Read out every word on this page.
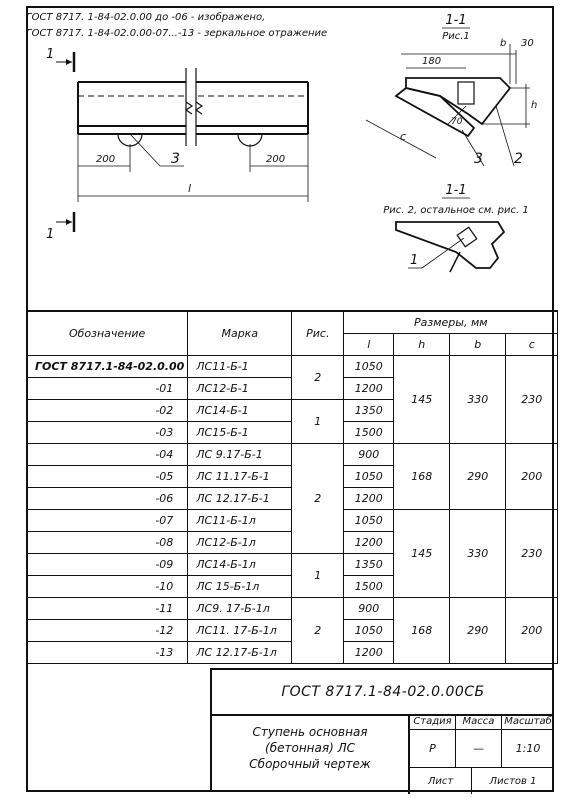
ГОСТ 8717. 1-84-02.0.00 до -06 - изображено,
ГОСТ 8717. 1-84-02.0.00-07...-13 - зеркальное отражение
1
1
200	200
l
3
1-1
Рис.1
b 30
180
h
70
c
3 2
1-1
Рис. 2, остальное см. рис. 1
1
Обозначение	Марка	Рис.	Размеры, мм			
			l	h	b	c
ГОСТ 8717.1-84-02.0.00	ЛС11-Б-1	2	1050	145	330	230
-01	ЛС12-Б-1		1200			
-02	ЛС14-Б-1	1	1350			
-03	ЛС15-Б-1		1500			
-04	ЛС 9.17-Б-1	2	900	168	290	200
-05	ЛС 11.17-Б-1		1050			
-06	ЛС 12.17-Б-1		1200			
-07	ЛС11-Б-1л		1050	145	330	230
-08	ЛС12-Б-1л		1200			
-09	ЛС14-Б-1л	1	1350			
-10	ЛС 15-Б-1л		1500			
-11	ЛС9. 17-Б-1л	2	900	168	290	200
-12	ЛС11. 17-Б-1л		1050			
-13	ЛС 12.17-Б-1л		1200			
ГОСТ 8717.1-84-02.0.00СБ
Ступень основная
(бетонная) ЛС
Сборочный чертеж
Стадия	Масса Масштаб
Р	—	1:10
Лист	Листов 1
